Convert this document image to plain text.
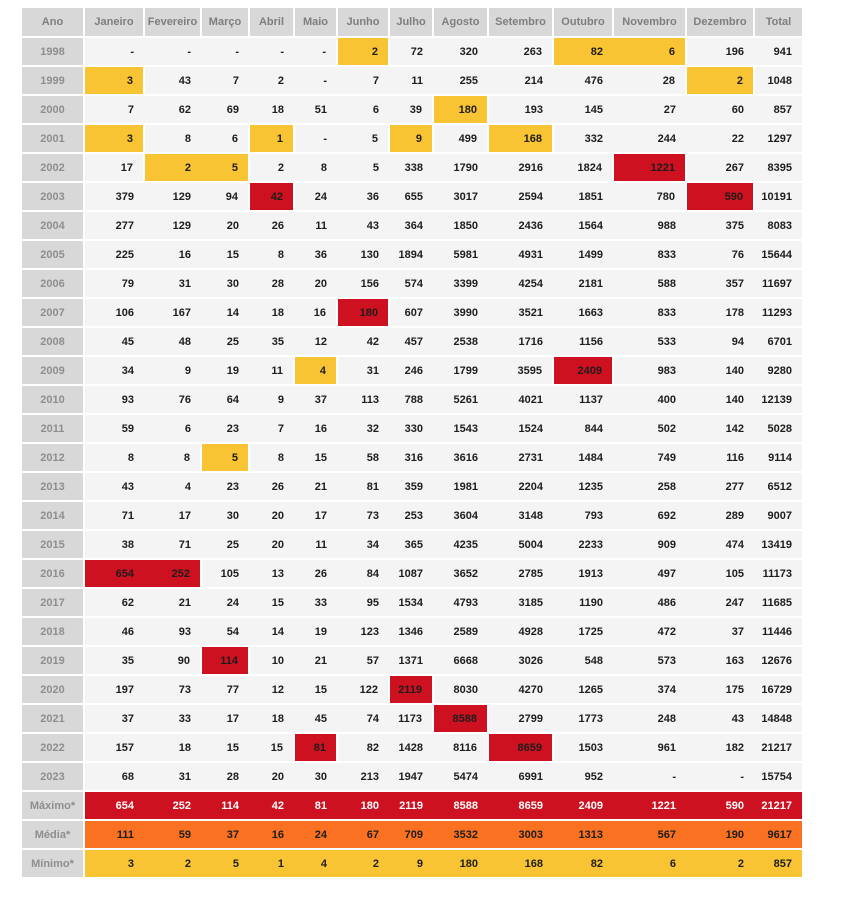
Ano	Janeiro	Fevereiro	Março	Abril	Maio	Junho	Julho	Agosto	Setembro	Outubro	Novembro	Dezembro	Total
1998	-	-	-	-	-	2	72	320	263	82	6	196	941
1999	3	43	7	2	-	7	11	255	214	476	28	2	1048
2000	7	62	69	18	51	6	39	180	193	145	27	60	857
2001	3	8	6	1	-	5	9	499	168	332	244	22	1297
2002	17	2	5	2	8	5	338	1790	2916	1824	1221	267	8395
2003	379	129	94	42	24	36	655	3017	2594	1851	780	590	10191
2004	277	129	20	26	11	43	364	1850	2436	1564	988	375	8083
2005	225	16	15	8	36	130	1894	5981	4931	1499	833	76	15644
2006	79	31	30	28	20	156	574	3399	4254	2181	588	357	11697
2007	106	167	14	18	16	180	607	3990	3521	1663	833	178	11293
2008	45	48	25	35	12	42	457	2538	1716	1156	533	94	6701
2009	34	9	19	11	4	31	246	1799	3595	2409	983	140	9280
2010	93	76	64	9	37	113	788	5261	4021	1137	400	140	12139
2011	59	6	23	7	16	32	330	1543	1524	844	502	142	5028
2012	8	8	5	8	15	58	316	3616	2731	1484	749	116	9114
2013	43	4	23	26	21	81	359	1981	2204	1235	258	277	6512
2014	71	17	30	20	17	73	253	3604	3148	793	692	289	9007
2015	38	71	25	20	11	34	365	4235	5004	2233	909	474	13419
2016	654	252	105	13	26	84	1087	3652	2785	1913	497	105	11173
2017	62	21	24	15	33	95	1534	4793	3185	1190	486	247	11685
2018	46	93	54	14	19	123	1346	2589	4928	1725	472	37	11446
2019	35	90	114	10	21	57	1371	6668	3026	548	573	163	12676
2020	197	73	77	12	15	122	2119	8030	4270	1265	374	175	16729
2021	37	33	17	18	45	74	1173	8588	2799	1773	248	43	14848
2022	157	18	15	15	81	82	1428	8116	8659	1503	961	182	21217
2023	68	31	28	20	30	213	1947	5474	6991	952	-	-	15754
Máximo*	654	252	114	42	81	180	2119	8588	8659	2409	1221	590	21217
Média*	111	59	37	16	24	67	709	3532	3003	1313	567	190	9617
Mínimo*	3	2	5	1	4	2	9	180	168	82	6	2	857
